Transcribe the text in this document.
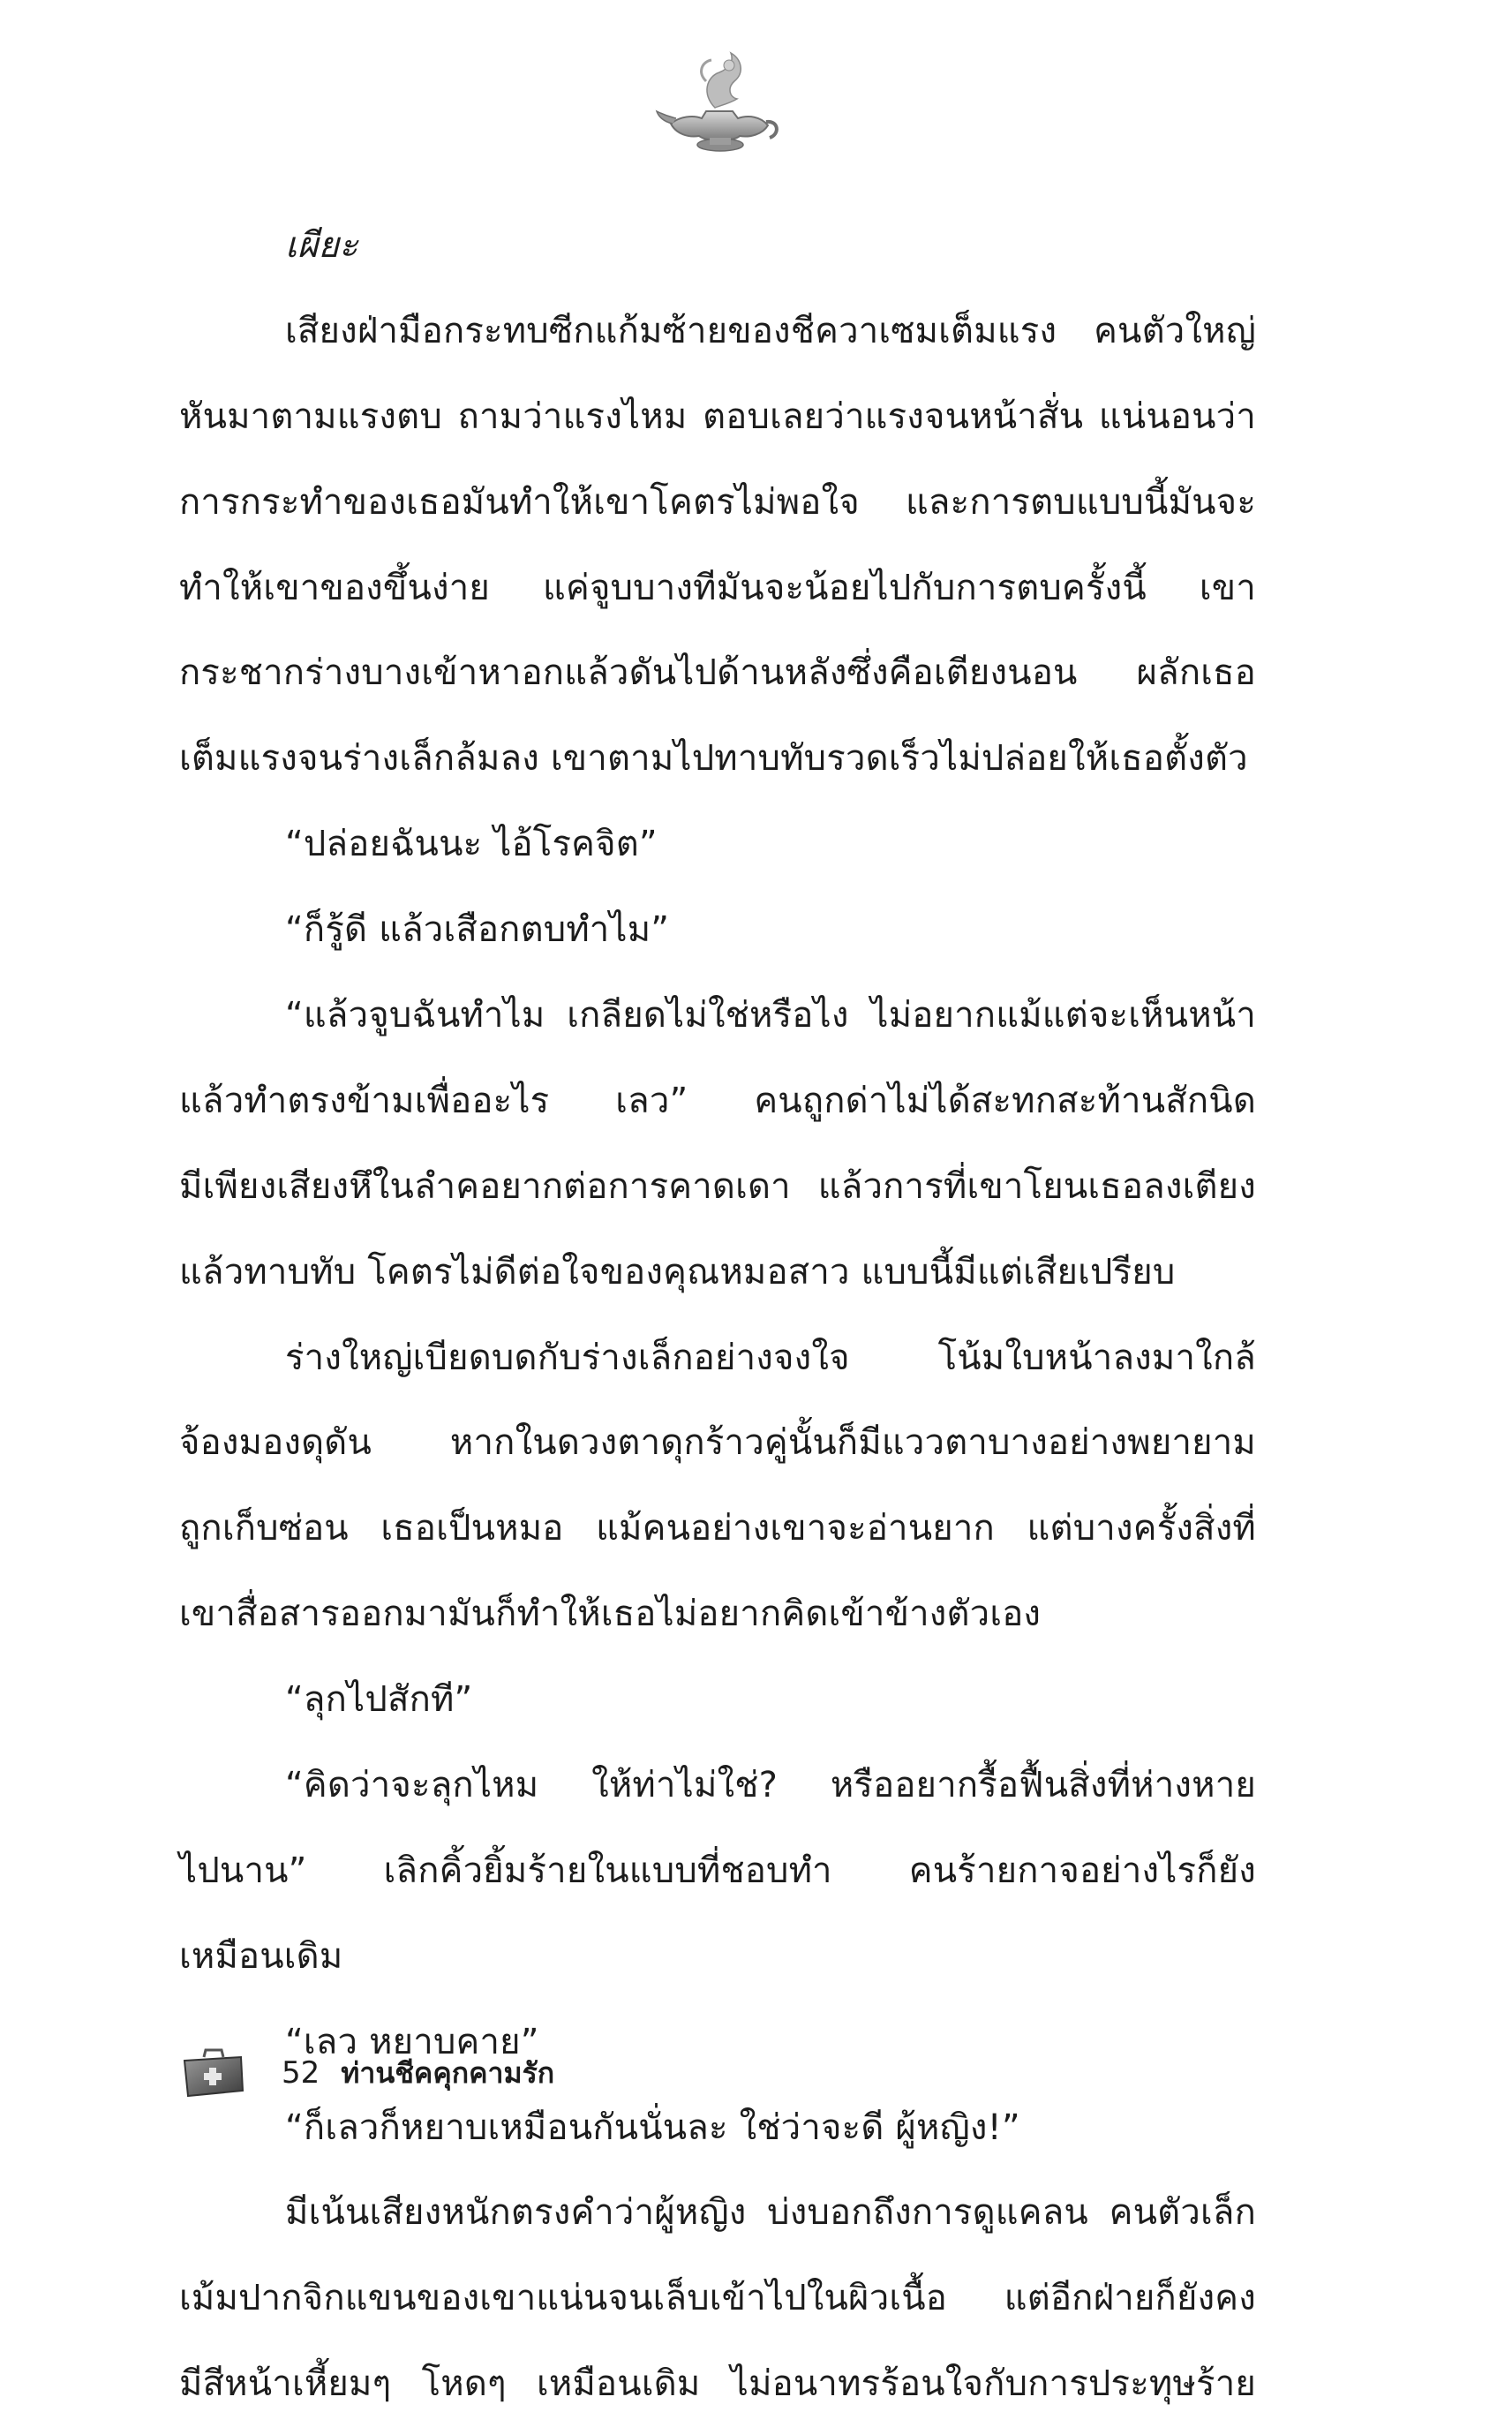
เผียะ
เสียงฝ่ามือกระทบซีกแก้มซ้ายของชีควาเซมเต็มแรง คนตัวใหญ่
หันมาตามแรงตบ ถามว่าแรงไหม ตอบเลยว่าแรงจนหน้าสั่น แน่นอนว่า
การกระทำของเธอมันทำให้เขาโคตรไม่พอใจ และการตบแบบนี้มันจะ
ทำให้เขาของขึ้นง่าย แค่จูบบางทีมันจะน้อยไปกับการตบครั้งนี้ เขา
กระชากร่างบางเข้าหาอกแล้วดันไปด้านหลังซึ่งคือเตียงนอน ผลักเธอ
เต็มแรงจนร่างเล็กล้มลง เขาตามไปทาบทับรวดเร็วไม่ปล่อยให้เธอตั้งตัว
“ปล่อยฉันนะ ไอ้โรคจิต”
“ก็รู้ดี แล้วเสือกตบทำไม”
“แล้วจูบฉันทำไม เกลียดไม่ใช่หรือไง ไม่อยากแม้แต่จะเห็นหน้า
แล้วทำตรงข้ามเพื่ออะไร เลว” คนถูกด่าไม่ได้สะทกสะท้านสักนิด
มีเพียงเสียงหึในลำคอยากต่อการคาดเดา แล้วการที่เขาโยนเธอลงเตียง
แล้วทาบทับ โคตรไม่ดีต่อใจของคุณหมอสาว แบบนี้มีแต่เสียเปรียบ
ร่างใหญ่เบียดบดกับร่างเล็กอย่างจงใจ โน้มใบหน้าลงมาใกล้
จ้องมองดุดัน หากในดวงตาดุกร้าวคู่นั้นก็มีแววตาบางอย่างพยายาม
ถูกเก็บซ่อน เธอเป็นหมอ แม้คนอย่างเขาจะอ่านยาก แต่บางครั้งสิ่งที่
เขาสื่อสารออกมามันก็ทำให้เธอไม่อยากคิดเข้าข้างตัวเอง
“ลุกไปสักที”
“คิดว่าจะลุกไหม ให้ท่าไม่ใช่? หรืออยากรื้อฟื้นสิ่งที่ห่างหาย
ไปนาน” เลิกคิ้วยิ้มร้ายในแบบที่ชอบทำ คนร้ายกาจอย่างไรก็ยัง
เหมือนเดิม
“เลว หยาบคาย”
“ก็เลวก็หยาบเหมือนกันนั่นละ ใช่ว่าจะดี ผู้หญิง!”
มีเน้นเสียงหนักตรงคำว่าผู้หญิง บ่งบอกถึงการดูแคลน คนตัวเล็ก
เม้มปากจิกแขนของเขาแน่นจนเล็บเข้าไปในผิวเนื้อ แต่อีกฝ่ายก็ยังคง
มีสีหน้าเหี้ยมๆ โหดๆ เหมือนเดิม ไม่อนาทรร้อนใจกับการประทุษร้าย
52 ท่านชีคคุกคามรัก
